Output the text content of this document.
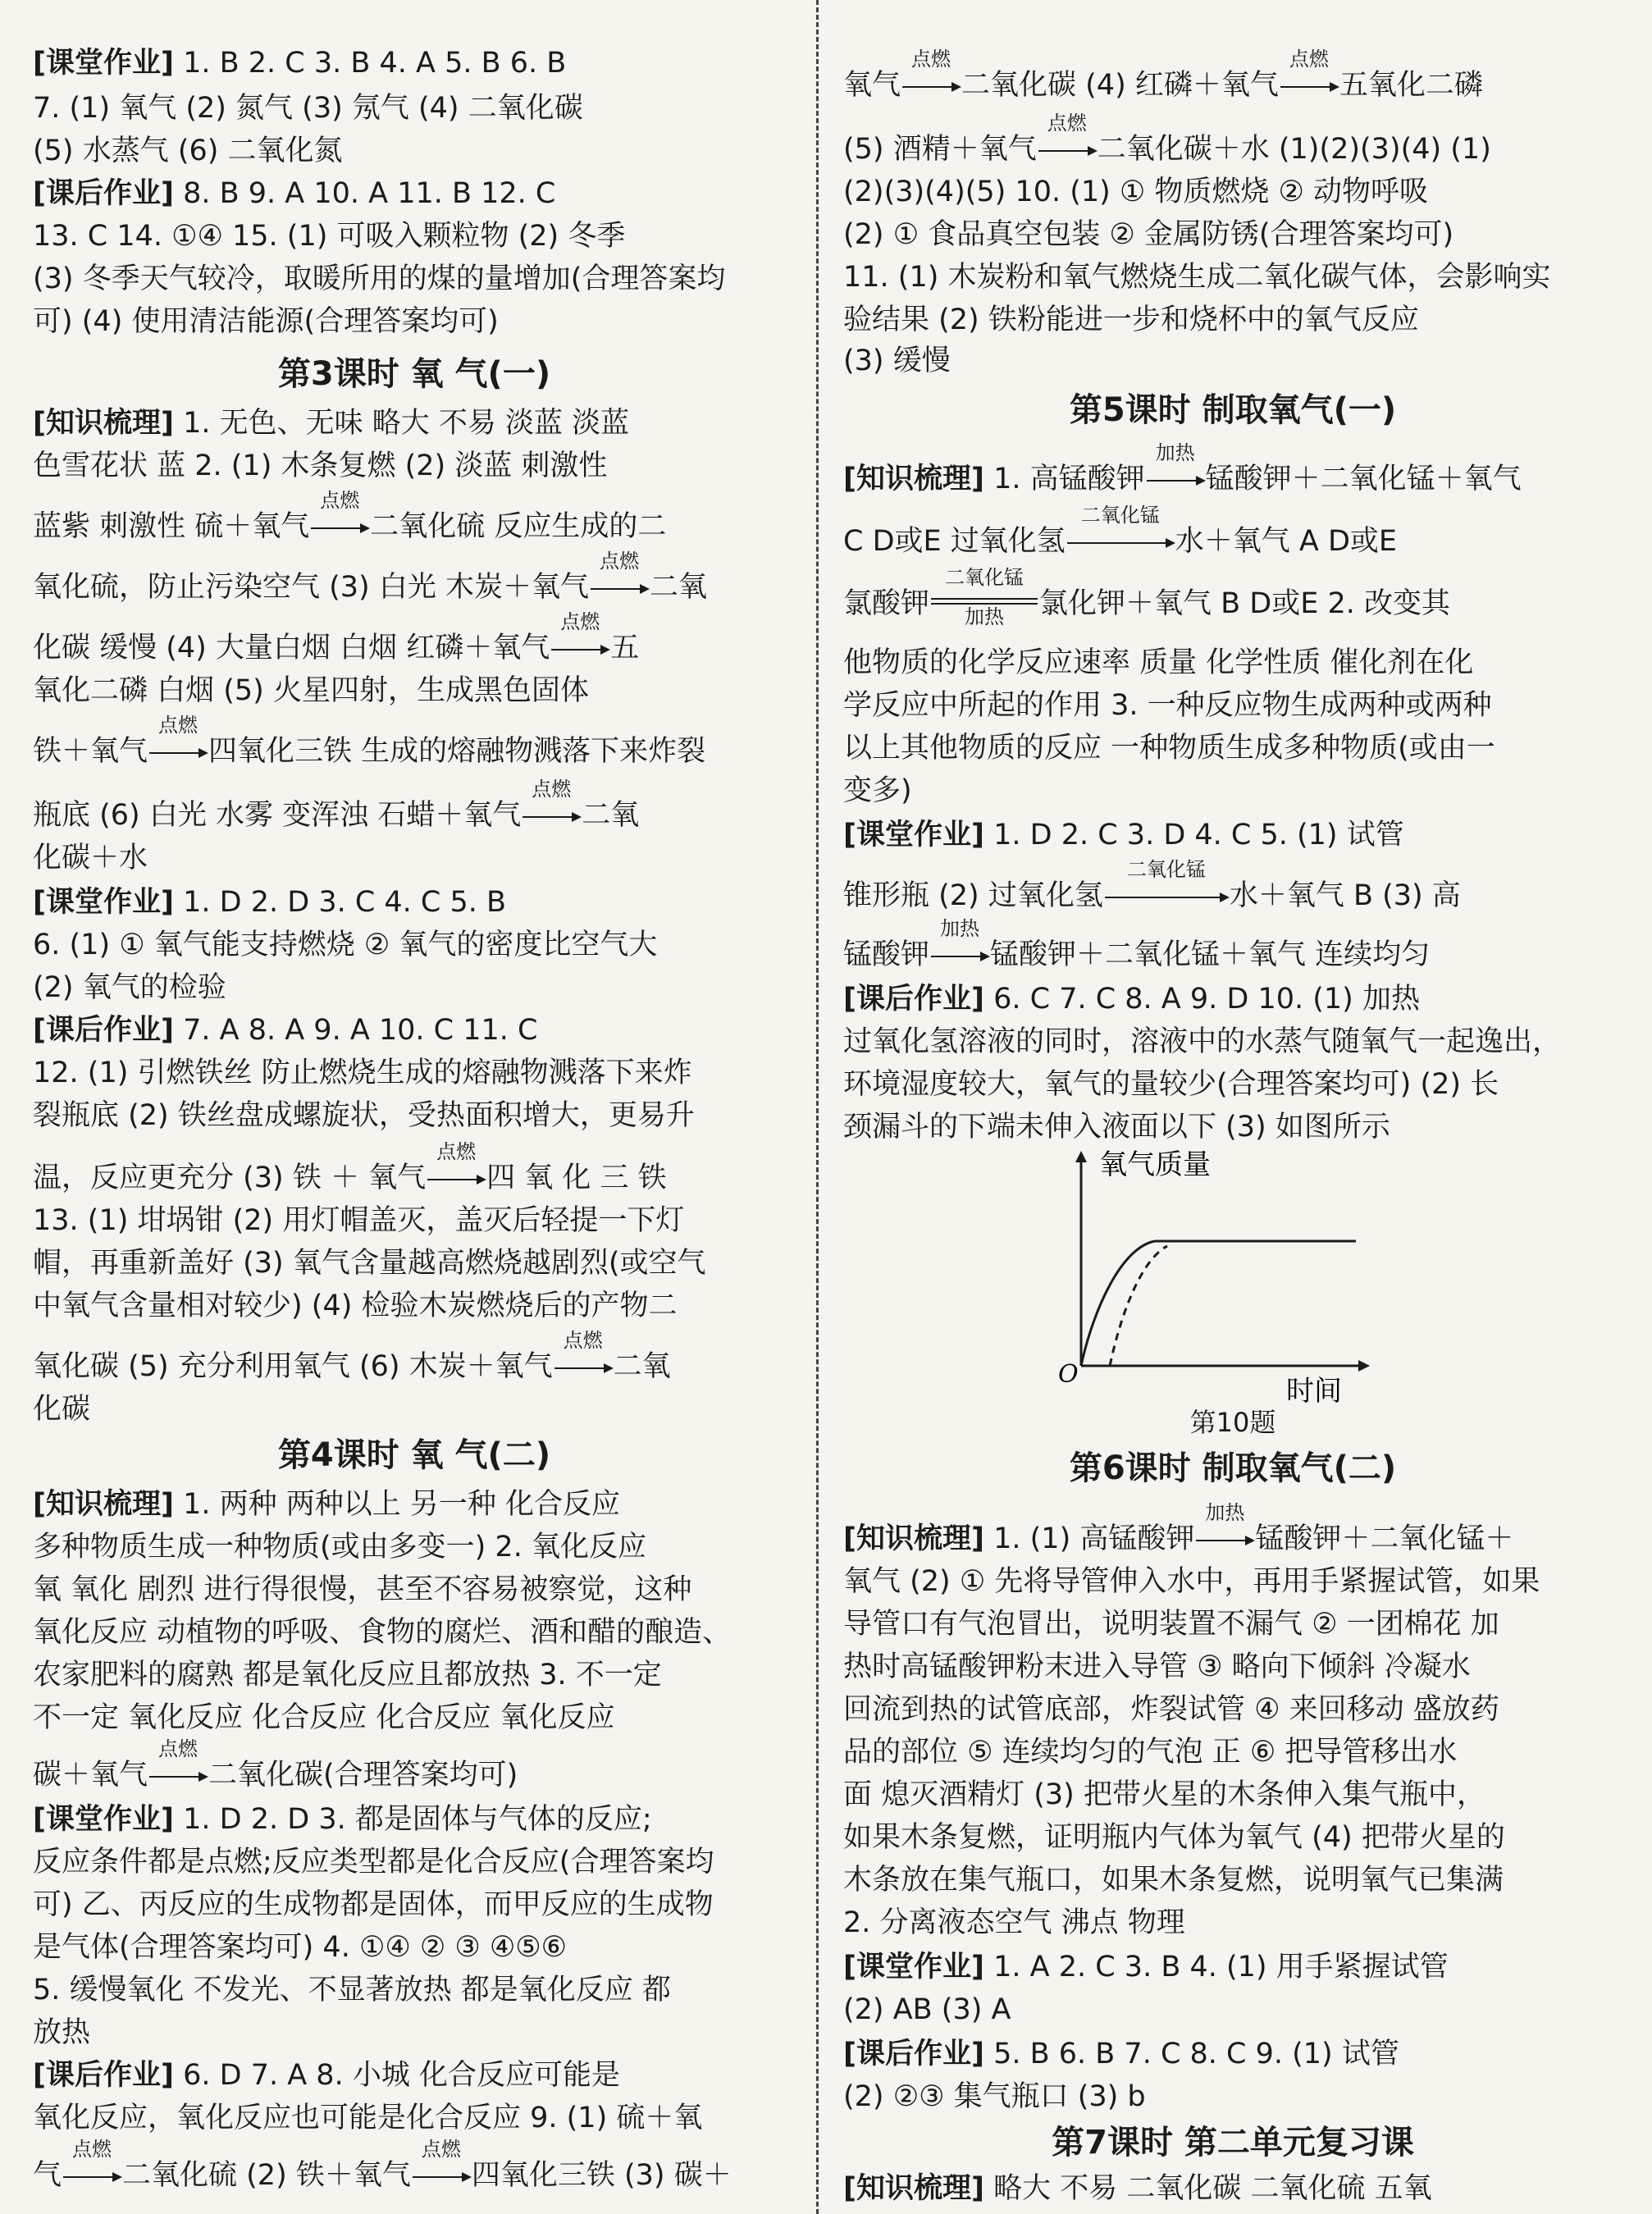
[课堂作业] 1. B 2. C 3. B 4. A 5. B 6. B
7. (1) 氧气 (2) 氮气 (3) 氖气 (4) 二氧化碳
(5) 水蒸气 (6) 二氧化氮
[课后作业] 8. B 9. A 10. A 11. B 12. C
13. C 14. ①④ 15. (1) 可吸入颗粒物 (2) 冬季
(3) 冬季天气较冷，取暖所用的煤的量增加(合理答案均
可) (4) 使用清洁能源(合理答案均可)
第3课时 氧 气(一)
[知识梳理] 1. 无色、无味 略大 不易 淡蓝 淡蓝
色雪花状 蓝 2. (1) 木条复燃 (2) 淡蓝 刺激性
蓝紫 刺激性 硫＋氧气
点燃
二氧化硫 反应生成的二
氧化硫，防止污染空气 (3) 白光 木炭＋氧气
点燃
二氧
化碳 缓慢 (4) 大量白烟 白烟 红磷＋氧气
点燃
五
氧化二磷 白烟 (5) 火星四射，生成黑色固体
铁＋氧气
点燃
四氧化三铁 生成的熔融物溅落下来炸裂
瓶底 (6) 白光 水雾 变浑浊 石蜡＋氧气
点燃
二氧
化碳＋水
[课堂作业] 1. D 2. D 3. C 4. C 5. B
6. (1) ① 氧气能支持燃烧 ② 氧气的密度比空气大
(2) 氧气的检验
[课后作业] 7. A 8. A 9. A 10. C 11. C
12. (1) 引燃铁丝 防止燃烧生成的熔融物溅落下来炸
裂瓶底 (2) 铁丝盘成螺旋状，受热面积增大，更易升
温，反应更充分 (3) 铁 ＋ 氧气
点燃
四 氧 化 三 铁
13. (1) 坩埚钳 (2) 用灯帽盖灭，盖灭后轻提一下灯
帽，再重新盖好 (3) 氧气含量越高燃烧越剧烈(或空气
中氧气含量相对较少) (4) 检验木炭燃烧后的产物二
氧化碳 (5) 充分利用氧气 (6) 木炭＋氧气
点燃
二氧
化碳
第4课时 氧 气(二)
[知识梳理] 1. 两种 两种以上 另一种 化合反应
多种物质生成一种物质(或由多变一) 2. 氧化反应
氧 氧化 剧烈 进行得很慢，甚至不容易被察觉，这种
氧化反应 动植物的呼吸、食物的腐烂、酒和醋的酿造、
农家肥料的腐熟 都是氧化反应且都放热 3. 不一定
不一定 氧化反应 化合反应 化合反应 氧化反应
碳＋氧气
点燃
二氧化碳(合理答案均可)
[课堂作业] 1. D 2. D 3. 都是固体与气体的反应;
反应条件都是点燃;反应类型都是化合反应(合理答案均
可) 乙、丙反应的生成物都是固体，而甲反应的生成物
是气体(合理答案均可) 4. ①④ ② ③ ④⑤⑥
5. 缓慢氧化 不发光、不显著放热 都是氧化反应 都
放热
[课后作业] 6. D 7. A 8. 小城 化合反应可能是
氧化反应，氧化反应也可能是化合反应 9. (1) 硫＋氧
气
点燃
二氧化硫 (2) 铁＋氧气
点燃
四氧化三铁 (3) 碳＋
氧气
点燃
二氧化碳 (4) 红磷＋氧气
点燃
五氧化二磷
(5) 酒精＋氧气
点燃
二氧化碳＋水 (1)(2)(3)(4) (1)
(2)(3)(4)(5) 10. (1) ① 物质燃烧 ② 动物呼吸
(2) ① 食品真空包装 ② 金属防锈(合理答案均可)
11. (1) 木炭粉和氧气燃烧生成二氧化碳气体，会影响实
验结果 (2) 铁粉能进一步和烧杯中的氧气反应
(3) 缓慢
第5课时 制取氧气(一)
[知识梳理] 1. 高锰酸钾
加热
锰酸钾＋二氧化锰＋氧气
C D或E 过氧化氢
二氧化锰
水＋氧气 A D或E
氯酸钾
二氧化锰
加热	氯化钾＋氧气 B D或E 2. 改变其
他物质的化学反应速率 质量 化学性质 催化剂在化
学反应中所起的作用 3. 一种反应物生成两种或两种
以上其他物质的反应 一种物质生成多种物质(或由一
变多)
[课堂作业] 1. D 2. C 3. D 4. C 5. (1) 试管
锥形瓶 (2) 过氧化氢
二氧化锰
水＋氧气 B (3) 高
锰酸钾
加热
锰酸钾＋二氧化锰＋氧气 连续均匀
[课后作业] 6. C 7. C 8. A 9. D 10. (1) 加热
过氧化氢溶液的同时，溶液中的水蒸气随氧气一起逸出，
环境湿度较大，氧气的量较少(合理答案均可) (2) 长
颈漏斗的下端未伸入液面以下 (3) 如图所示
氧气质量
O
时间
第10题
第6课时 制取氧气(二)
[知识梳理] 1. (1) 高锰酸钾
加热
锰酸钾＋二氧化锰＋
氧气 (2) ① 先将导管伸入水中，再用手紧握试管，如果
导管口有气泡冒出，说明装置不漏气 ② 一团棉花 加
热时高锰酸钾粉末进入导管 ③ 略向下倾斜 冷凝水
回流到热的试管底部，炸裂试管 ④ 来回移动 盛放药
品的部位 ⑤ 连续均匀的气泡 正 ⑥ 把导管移出水
面 熄灭酒精灯 (3) 把带火星的木条伸入集气瓶中，
如果木条复燃，证明瓶内气体为氧气 (4) 把带火星的
木条放在集气瓶口，如果木条复燃，说明氧气已集满
2. 分离液态空气 沸点 物理
[课堂作业] 1. A 2. C 3. B 4. (1) 用手紧握试管
(2) AB (3) A
[课后作业] 5. B 6. B 7. C 8. C 9. (1) 试管
(2) ②③ 集气瓶口 (3) b
第7课时 第二单元复习课
[知识梳理] 略大 不易 二氧化碳 二氧化硫 五氧
